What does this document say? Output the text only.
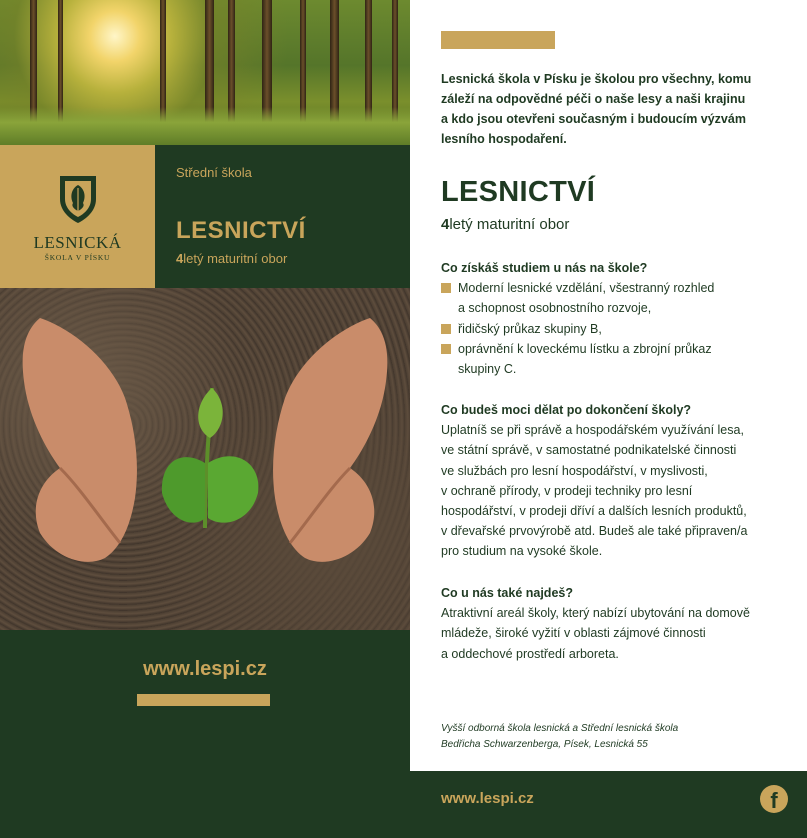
LESNICKÁ
ŠKOLA V PÍSKU
Střední škola
LESNICTVÍ
4letý maturitní obor
www.lespi.cz

Lesnická škola v Písku je školou pro všechny, komu

záleží na odpovědné péči o naše lesy a naši krajinu

a kdo jsou otevřeni současným i budoucím výzvám

lesního hospodaření.

LESNICTVÍ
4letý maturitní obor
Co získáš studiem u nás na škole?
Moderní lesnické vzdělání, všestranný rozhled
a schopnost osobnostního rozvoje,
řidičský průkaz skupiny B,
oprávnění k loveckému lístku a zbrojní průkaz
skupiny C.
Co budeš moci dělat po dokončení školy?

Uplatníš se při správě a hospodářském využívání lesa,

ve státní správě, v samostatné podnikatelské činnosti

ve službách pro lesní hospodářství, v myslivosti,

v ochraně přírody, v prodeji techniky pro lesní

hospodářství, v prodeji dříví a dalších lesních produktů,

v dřevařské prvovýrobě atd. Budeš ale také připraven/a

pro studium na vysoké škole.

Co u nás také najdeš?

Atraktivní areál školy, který nabízí ubytování na domově

mládeže, široké vyžití v oblasti zájmové činnosti

a oddechové prostředí arboreta.

Vyšší odborná škola lesnická a Střední lesnická škola

Bedřicha Schwarzenberga, Písek, Lesnická 55

www.lespi.cz	f
